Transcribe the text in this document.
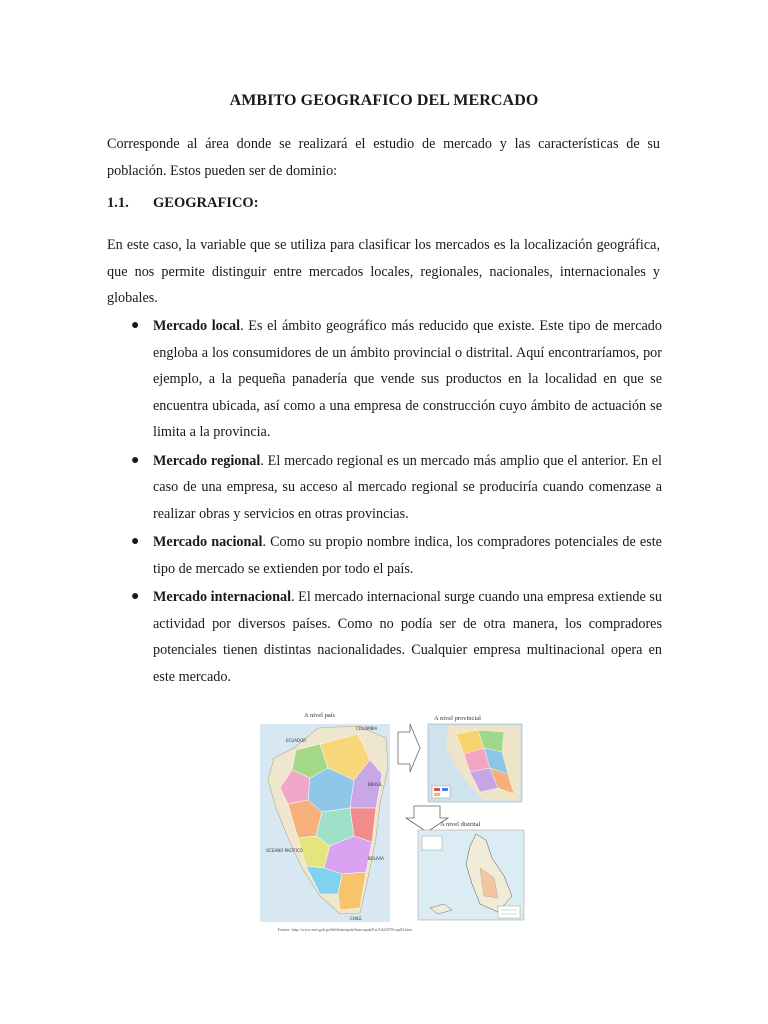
AMBITO GEOGRAFICO DEL MERCADO
Corresponde al área donde se realizará el estudio de mercado y las características de su población. Estos pueden ser de dominio:
1.1. GEOGRAFICO:
En este caso, la variable que se utiliza para clasificar los mercados es la localización geográfica, que nos permite distinguir entre mercados locales, regionales, nacionales, internacionales y globales.
● Mercado local. Es el ámbito geográfico más reducido que existe. Este tipo de mercado engloba a los consumidores de un ámbito provincial o distrital. Aquí encontraríamos, por ejemplo, a la pequeña panadería que vende sus productos en la localidad en que se encuentra ubicada, así como a una empresa de construcción cuyo ámbito de actuación se limita a la provincia.
● Mercado regional. El mercado regional es un mercado más amplio que el anterior. En el caso de una empresa, su acceso al mercado regional se produciría cuando comenzase a realizar obras y servicios en otras provincias.
● Mercado nacional. Como su propio nombre indica, los compradores potenciales de este tipo de mercado se extienden por todo el país.
● Mercado internacional. El mercado internacional surge cuando una empresa extiende su actividad por diversos países. Como no podía ser de otra manera, los compradores potenciales tienen distintas nacionalidades. Cualquier empresa multinacional opera en este mercado.
ECUADOR
COLOMBIA
BRASIL
BOLIVIA
CHILE
OCEANO PACIFICO
A nivel país	A nivel provincial
A nivel distrital
Fuente: http://www.inei.gob.pe/biblioineipub/bancopub/Est/Lib0270/cap02.htm
